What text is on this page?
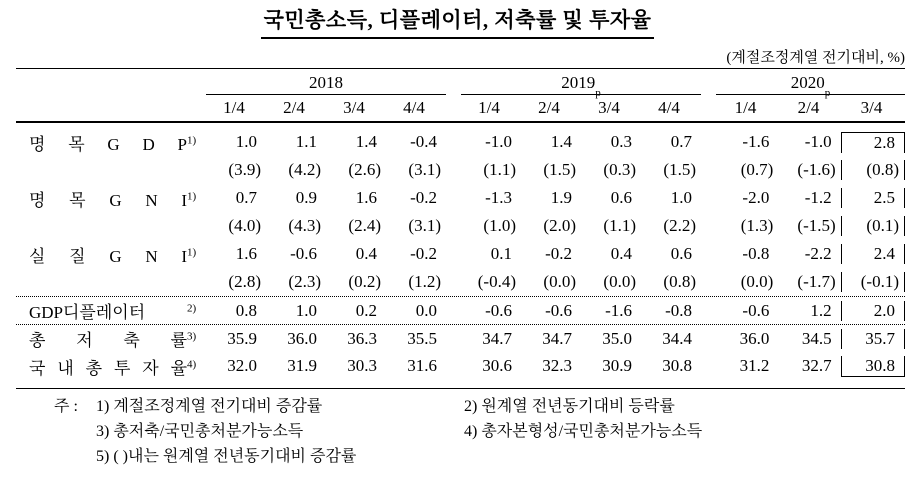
국민총소득, 디플레이터, 저축률 및 투자율
(계절조정계열 전기대비, %)
2018	2019
p
2020
p
1/4	2/4	3/4	4/4	1/4	2/4	3/4	4/4	1/4	2/4	3/4
명 목 G D $P^{1)}$	1.0	1.1	1.4	-0.4	-1.0	1.4	0.3	0.7	-1.6	-1.0	2.8
(3.9)	(4.2)	(2.6)	(3.1)	(1.1)	(1.5)	(0.3)	(1.5)	(0.7)	(-1.6)	(0.8)
명 목 G N $I^{1)}$	0.7	0.9	1.6	-0.2	-1.3	1.9	0.6	1.0	-2.0	-1.2	2.5
(4.0)	(4.3)	(2.4)	(3.1)	(1.0)	(2.0)	(1.1)	(2.2)	(1.3)	(-1.5)	(0.1)
실 질 G N $I^{1)}$	1.6	-0.6	0.4	-0.2	0.1	-0.2	0.4	0.6	-0.8	-2.2	2.4
(2.8)	(2.3)	(0.2)	(1.2)	(-0.4)	(0.0)	(0.0)	(0.8)	(0.0)	(-1.7)	(-0.1)
GDP디플레이터	$^{2)}$	0.8	1.0	0.2	0.0	-0.6	-0.6	-1.6	-0.8	-0.6	1.2	2.0
총 저 축 률$^{3)}$	35.9	36.0	36.3	35.5	34.7	34.7	35.0	34.4	36.0	34.5	35.7
국 내 총 투 자 율$^{4)}$	32.0	31.9	30.3	31.6	30.6	32.3	30.9	30.8	31.2	32.7	30.8
주 :	1) 계절조정계열 전기대비 증감률	2) 원계열 전년동기대비 등락률
3) 총저축/국민총처분가능소득	4) 총자본형성/국민총처분가능소득
5) ( )내는 원계열 전년동기대비 증감률
